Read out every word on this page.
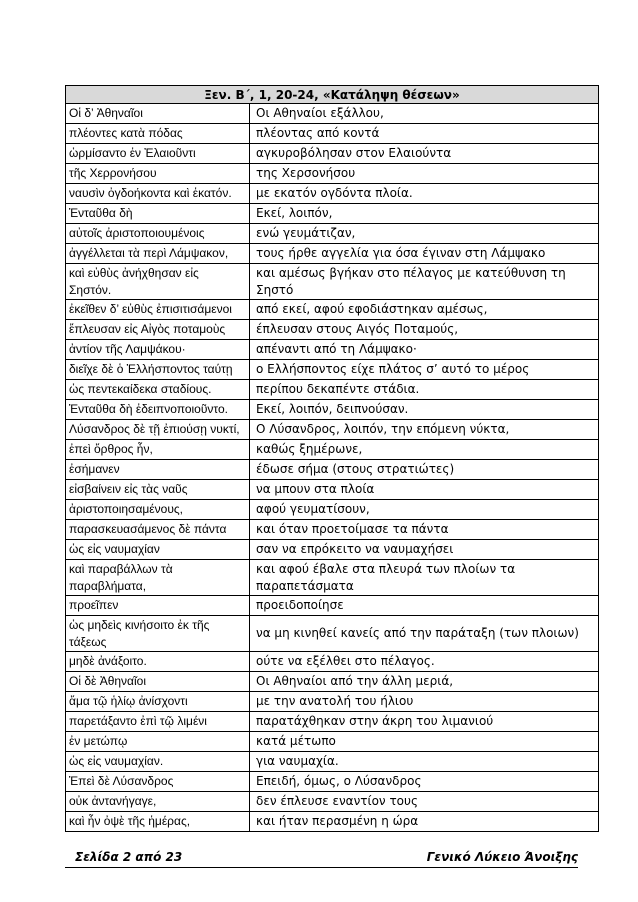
Ξεν. Β΄, 1, 20-24, «Κατάληψη θέσεων»	
Οἱ δ’ Ἀθηναῖοι	Οι Αθηναίοι εξάλλου,
πλέοντες κατὰ πόδας	πλέοντας από κοντά
ὡρμίσαντο ἐν Ἐλαιοῦντι	αγκυροβόλησαν στον Ελαιούντα
τῆς Χερρονήσου	της Χερσονήσου
ναυσὶν ὀγδοήκοντα καὶ ἑκατόν.	με εκατόν ογδόντα πλοία.
Ἐνταῦθα δὴ	Εκεί, λοιπόν,
αὐτοῖς ἀριστοποιουμένοις	ενώ γευμάτιζαν,
ἀγγέλλεται τὰ περὶ Λάμψακον,	τους ήρθε αγγελία για όσα έγιναν στη Λάμψακο

καὶ εὐθὺς ἀνήχθησαν εἰς Σηστόν.	και αμέσως βγήκαν στο πέλαγος με κατεύθυνση τη Σηστό

ἐκεῖθεν δ’ εὐθὺς ἐπισιτισάμενοι	από εκεί, αφού εφοδιάστηκαν αμέσως,
ἔπλευσαν εἰς Αἰγὸς ποταμοὺς	έπλευσαν στους Αιγός Ποταμούς,
ἀντίον τῆς Λαμψάκου·	απέναντι από τη Λάμψακο·
διεῖχε δὲ ὁ Ἑλλήσποντος ταύτῃ	ο Ελλήσποντος είχε πλάτος σ’ αυτό το μέρος
ὡς πεντεκαίδεκα σταδίους.	περίπου δεκαπέντε στάδια.
Ἐνταῦθα δὴ ἐδειπνοποιοῦντο.	Εκεί, λοιπόν, δειπνούσαν.
Λύσανδρος δὲ τῇ ἐπιούσῃ νυκτί,	Ο Λύσανδρος, λοιπόν, την επόμενη νύκτα,
ἐπεὶ ὄρθρος ἦν,	καθώς ξημέρωνε,
ἐσήμανεν	έδωσε σήμα (στους στρατιώτες)
εἰσβαίνειν εἰς τὰς ναῦς	να μπουν στα πλοία
ἀριστοποιησαμένους,	αφού γευματίσουν,
παρασκευασάμενος δὲ πάντα	και όταν προετοίμασε τα πάντα
ὡς εἰς ναυμαχίαν	σαν να επρόκειτο να ναυμαχήσει

καὶ παραβάλλων τὰ παραβλήματα,	και αφού έβαλε στα πλευρά των πλοίων τα παραπετάσματα

προεῖπεν	προειδοποίησε

ὡς μηδεὶς κινήσοιτο ἐκ τῆς τάξεως	να μη κινηθεί κανείς από την παράταξη (των πλοιων)
μηδὲ ἀνάξοιτο.	ούτε να εξέλθει στο πέλαγος.
Οἱ δὲ Ἀθηναῖοι	Οι Αθηναίοι από την άλλη μεριά,
ἅμα τῷ ἡλίῳ ἀνίσχοντι	με την ανατολή του ήλιου
παρετάξαντο ἐπὶ τῷ λιμένι	παρατάχθηκαν στην άκρη του λιμανιού
ἐν μετώπῳ	κατά μέτωπο
ὡς εἰς ναυμαχίαν.	για ναυμαχία.
Ἐπεὶ δὲ Λύσανδρος	Επειδή, όμως, ο Λύσανδρος
οὐκ ἀντανήγαγε,	δεν έπλευσε εναντίον τους
καὶ ἦν ὀψὲ τῆς ἡμέρας,	και ήταν περασμένη η ώρα
Σελίδα 2 από 23	Γενικό Λύκειο Άνοιξης
